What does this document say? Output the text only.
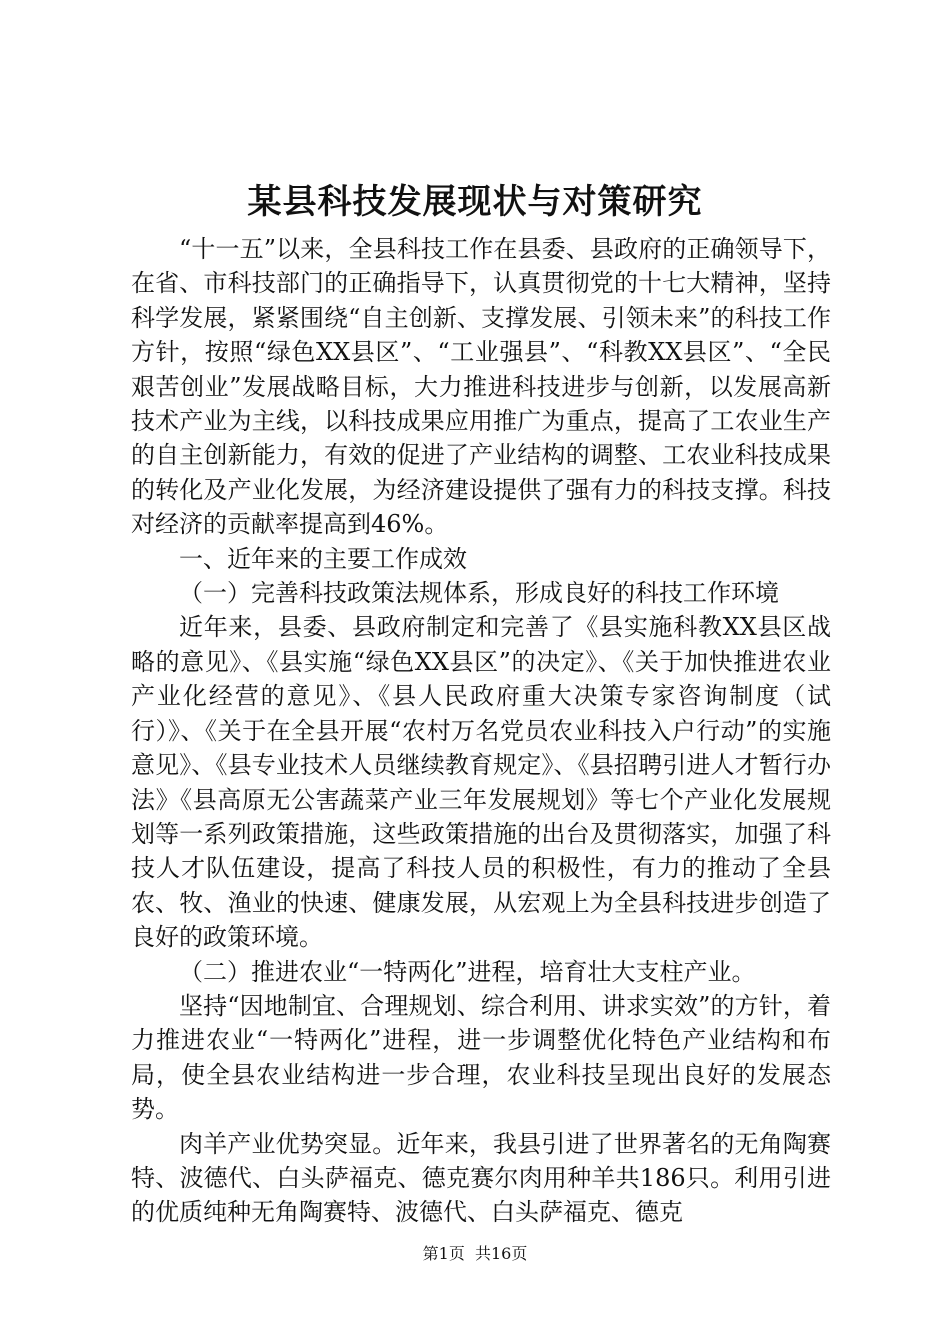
某县科技发展现状与对策研究

“十一五”以来，全县科技工作在县委、县政府的正确领导下，在省、市科技部门的正确指导下，认真贯彻党的十七大精神，坚持科学发展，紧紧围绕“自主创新、支撑发展、引领未来”的科技工作方针，按照“绿色XX县区”、“工业强县”、“科教XX县区”、“全民艰苦创业”发展战略目标，大力推进科技进步与创新，以发展高新技术产业为主线，以科技成果应用推广为重点，提高了工农业生产的自主创新能力，有效的促进了产业结构的调整、工农业科技成果的转化及产业化发展，为经济建设提供了强有力的科技支撑。科技对经济的贡献率提高到46%。

一、近年来的主要工作成效

（一）完善科技政策法规体系，形成良好的科技工作环境

近年来，县委、县政府制定和完善了《县实施科教XX县区战略的意见》、《县实施“绿色XX县区”的决定》、《关于加快推进农业产业化经营的意见》、《县人民政府重大决策专家咨询制度（试行）》、《关于在全县开展“农村万名党员农业科技入户行动”的实施意见》、《县专业技术人员继续教育规定》、《县招聘引进人才暂行办法》《县高原无公害蔬菜产业三年发展规划》等七个产业化发展规划等一系列政策措施，这些政策措施的出台及贯彻落实，加强了科技人才队伍建设，提高了科技人员的积极性，有力的推动了全县农、牧、渔业的快速、健康发展，从宏观上为全县科技进步创造了良好的政策环境。

（二）推进农业“一特两化”进程，培育壮大支柱产业。

坚持“因地制宜、合理规划、综合利用、讲求实效”的方针，着力推进农业“一特两化”进程，进一步调整优化特色产业结构和布局，使全县农业结构进一步合理，农业科技呈现出良好的发展态势。

肉羊产业优势突显。近年来，我县引进了世界著名的无角陶赛特、波德代、白头萨福克、德克赛尔肉用种羊共186只。利用引进的优质纯种无角陶赛特、波德代、白头萨福克、德克

第1页  共16页
